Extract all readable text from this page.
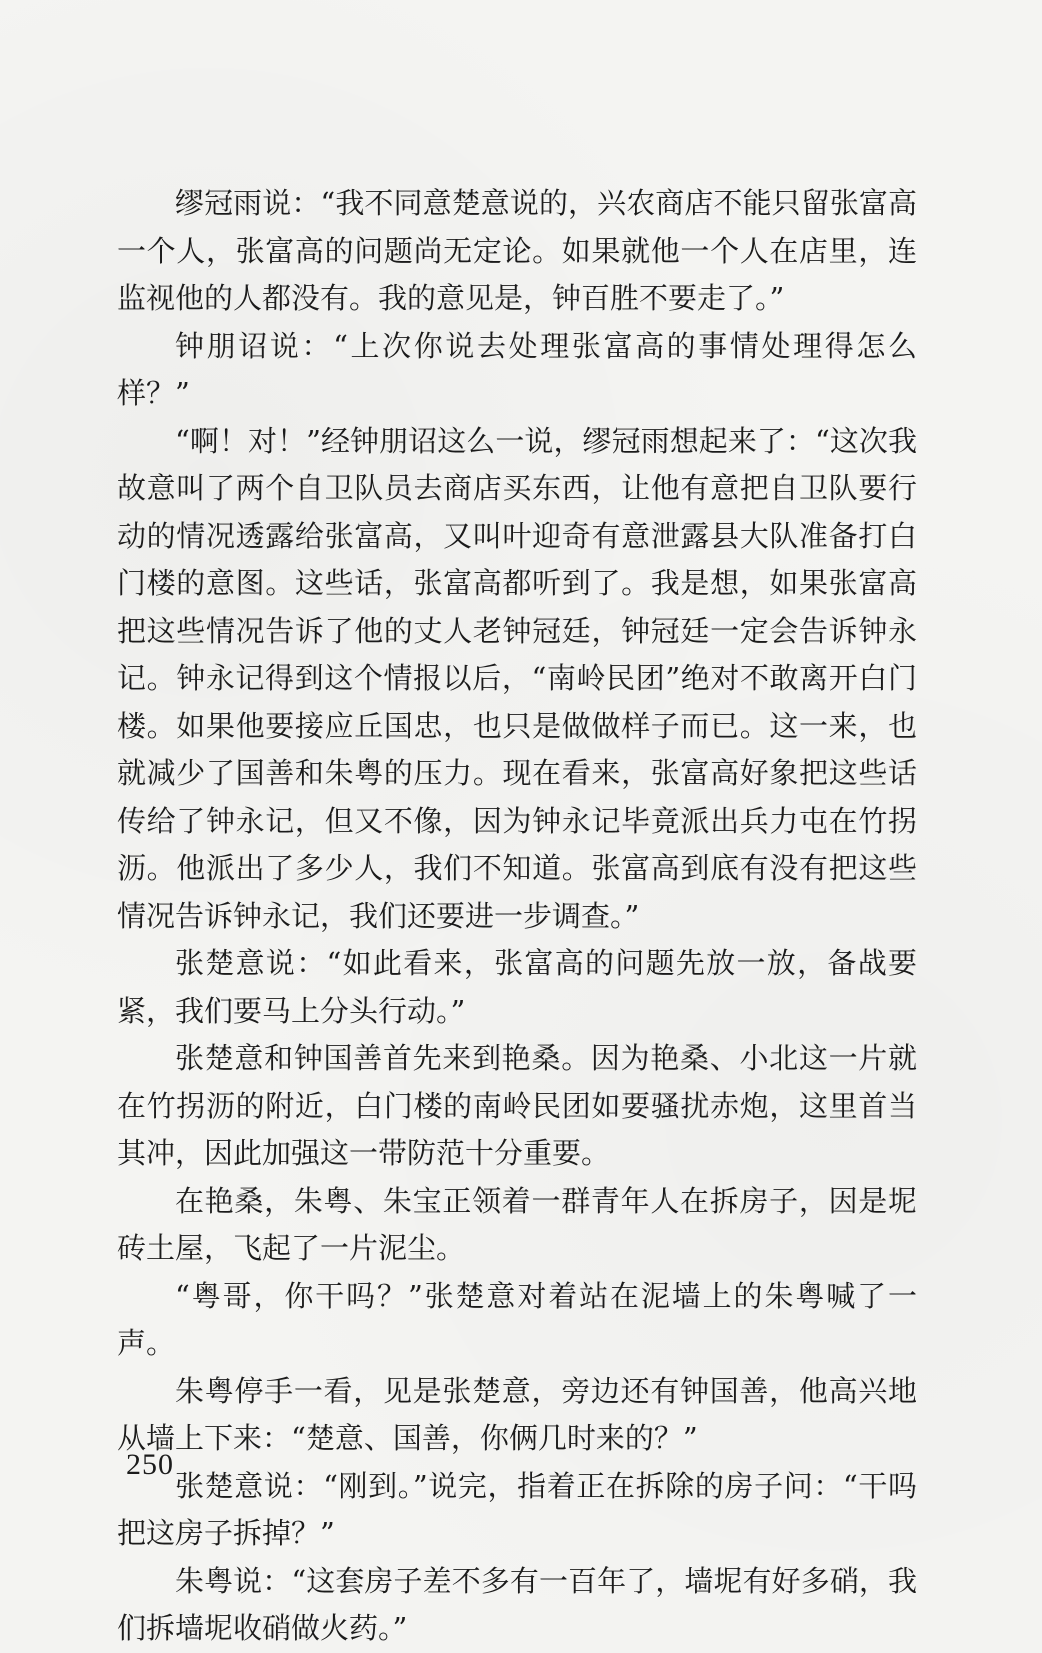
缪冠雨说：“我不同意楚意说的，兴农商店不能只留张富高一个人，张富高的问题尚无定论。如果就他一个人在店里，连监视他的人都没有。我的意见是，钟百胜不要走了。”

钟朋诏说：“上次你说去处理张富高的事情处理得怎么样？”

“啊！对！”经钟朋诏这么一说，缪冠雨想起来了：“这次我故意叫了两个自卫队员去商店买东西，让他有意把自卫队要行动的情况透露给张富高，又叫叶迎奇有意泄露县大队准备打白门楼的意图。这些话，张富高都听到了。我是想，如果张富高把这些情况告诉了他的丈人老钟冠廷，钟冠廷一定会告诉钟永记。钟永记得到这个情报以后，“南岭民团”绝对不敢离开白门楼。如果他要接应丘国忠，也只是做做样子而已。这一来，也就减少了国善和朱粤的压力。现在看来，张富高好象把这些话传给了钟永记，但又不像，因为钟永记毕竟派出兵力屯在竹拐沥。他派出了多少人，我们不知道。张富高到底有没有把这些情况告诉钟永记，我们还要进一步调查。”

张楚意说：“如此看来，张富高的问题先放一放，备战要紧，我们要马上分头行动。”

张楚意和钟国善首先来到艳桑。因为艳桑、小北这一片就在竹拐沥的附近，白门楼的南岭民团如要骚扰赤炮，这里首当其冲，因此加强这一带防范十分重要。

在艳桑，朱粤、朱宝正领着一群青年人在拆房子，因是坭砖土屋，飞起了一片泥尘。

“粤哥，你干吗？”张楚意对着站在泥墙上的朱粤喊了一声。

朱粤停手一看，见是张楚意，旁边还有钟国善，他高兴地从墙上下来：“楚意、国善，你俩几时来的？”

张楚意说：“刚到。”说完，指着正在拆除的房子问：“干吗把这房子拆掉？”

朱粤说：“这套房子差不多有一百年了，墙坭有好多硝，我们拆墙坭收硝做火药。”

250
